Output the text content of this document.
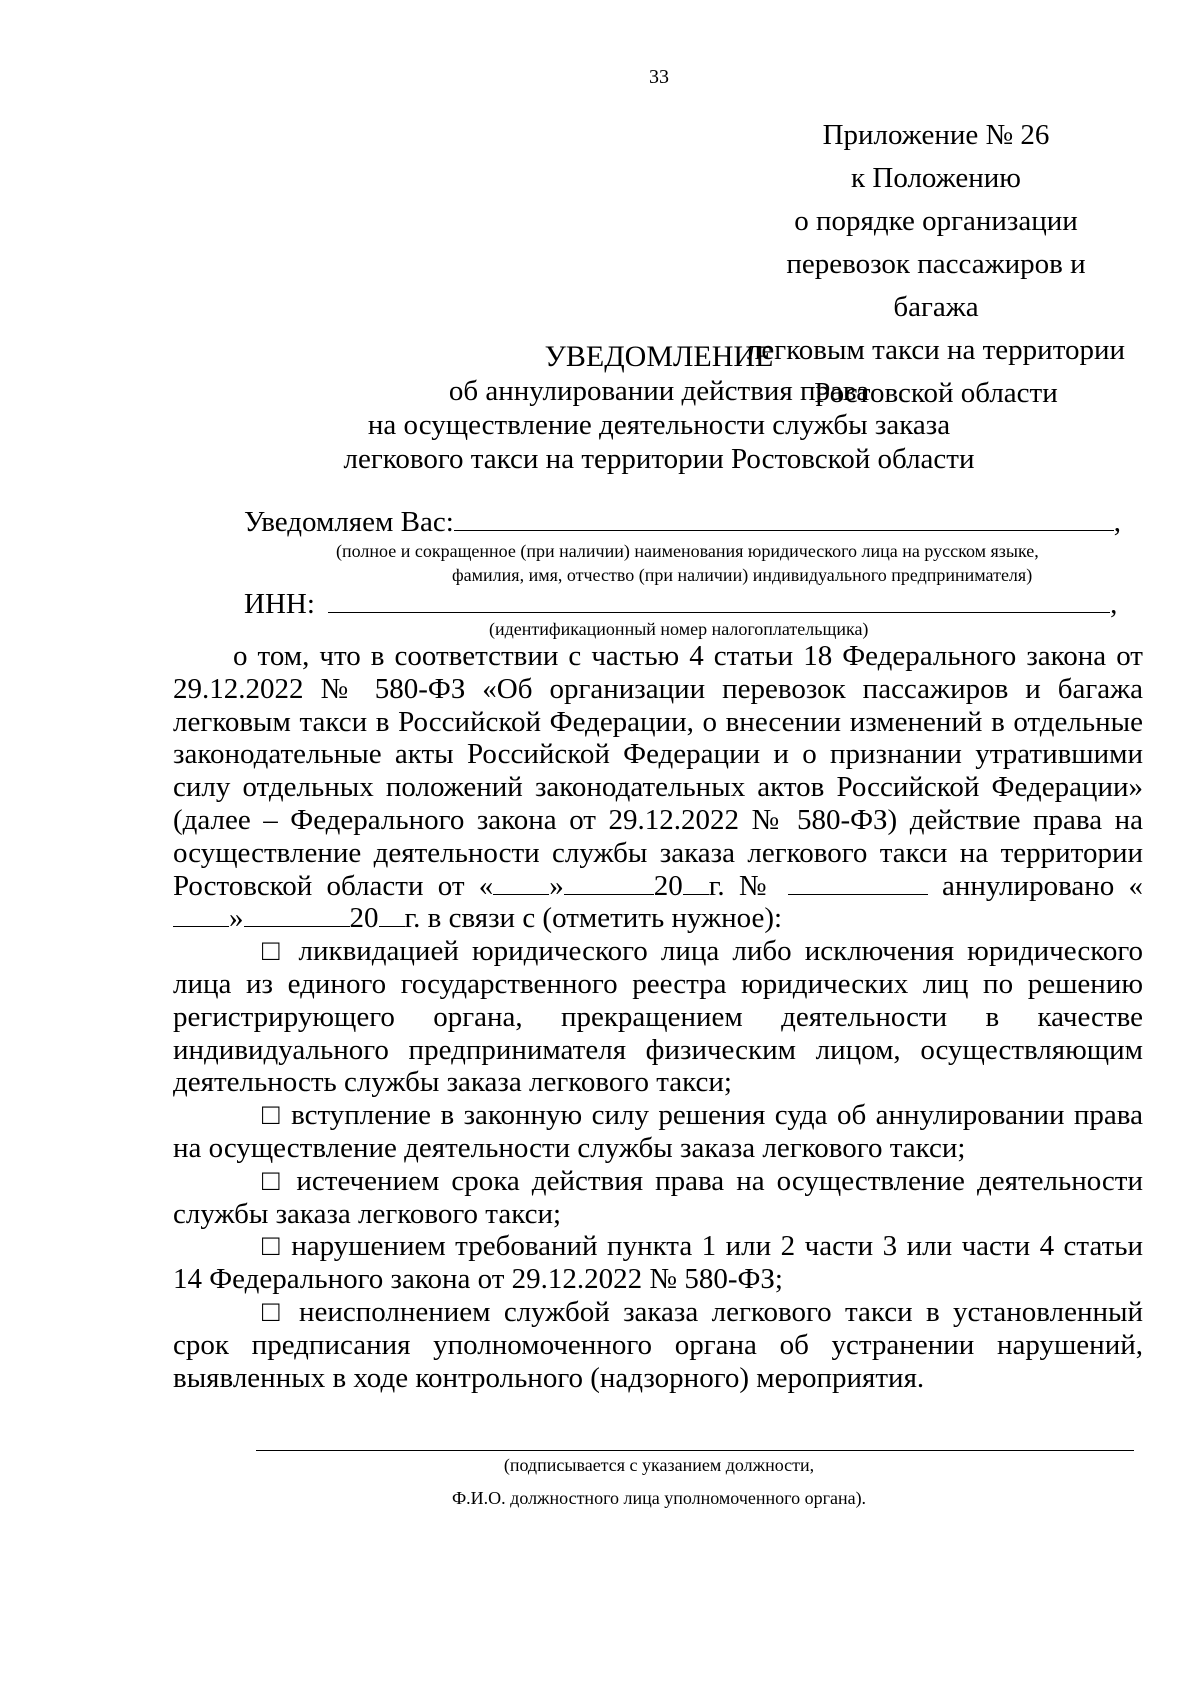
33
Приложение № 26
к Положению
о порядке организации
перевозок пассажиров и багажа
легковым такси на территории
Ростовской области
УВЕДОМЛЕНИЕ
об аннулировании действия права
на осуществление деятельности службы заказа
легкового такси на территории Ростовской области
Уведомляем Вас:	,
(полное и сокращенное (при наличии) наименования юридического лица на русском языке,
фамилия, имя, отчество (при наличии) индивидуального предпринимателя)
ИНН:	,
(идентификационный номер налогоплательщика)

о том, что в соответствии с частью 4 статьи 18 Федерального закона от 29.12.2022 № 580-ФЗ «Об организации перевозок пассажиров и багажа легковым такси в Российской Федерации, о внесении изменений в отдельные законодательные акты Российской Федерации и о признании утратившими силу отдельных положений законодательных актов Российской Федерации» (далее – Федерального закона от 29.12.2022 № 580-ФЗ) действие права на осуществление деятельности службы заказа легкового такси на территории Ростовской области от « »	20 г. №	аннулировано «»	20 г. в связи с (отметить нужное):

□ ликвидацией юридического лица либо исключения юридического лица из единого государственного реестра юридических лиц по решению регистрирующего органа, прекращением деятельности в качестве индивидуального предпринимателя физическим лицом, осуществляющим деятельность службы заказа легкового такси;

□ вступление в законную силу решения суда об аннулировании права на осуществление деятельности службы заказа легкового такси;

□ истечением срока действия права на осуществление деятельности службы заказа легкового такси;

□ нарушением требований пункта 1 или 2 части 3 или части 4 статьи 14 Федерального закона от 29.12.2022 № 580-ФЗ;

□ неисполнением службой заказа легкового такси в установленный срок предписания уполномоченного органа об устранении нарушений, выявленных в ходе контрольного (надзорного) мероприятия.

(подписывается с указанием должности,
Ф.И.О. должностного лица уполномоченного органа).
